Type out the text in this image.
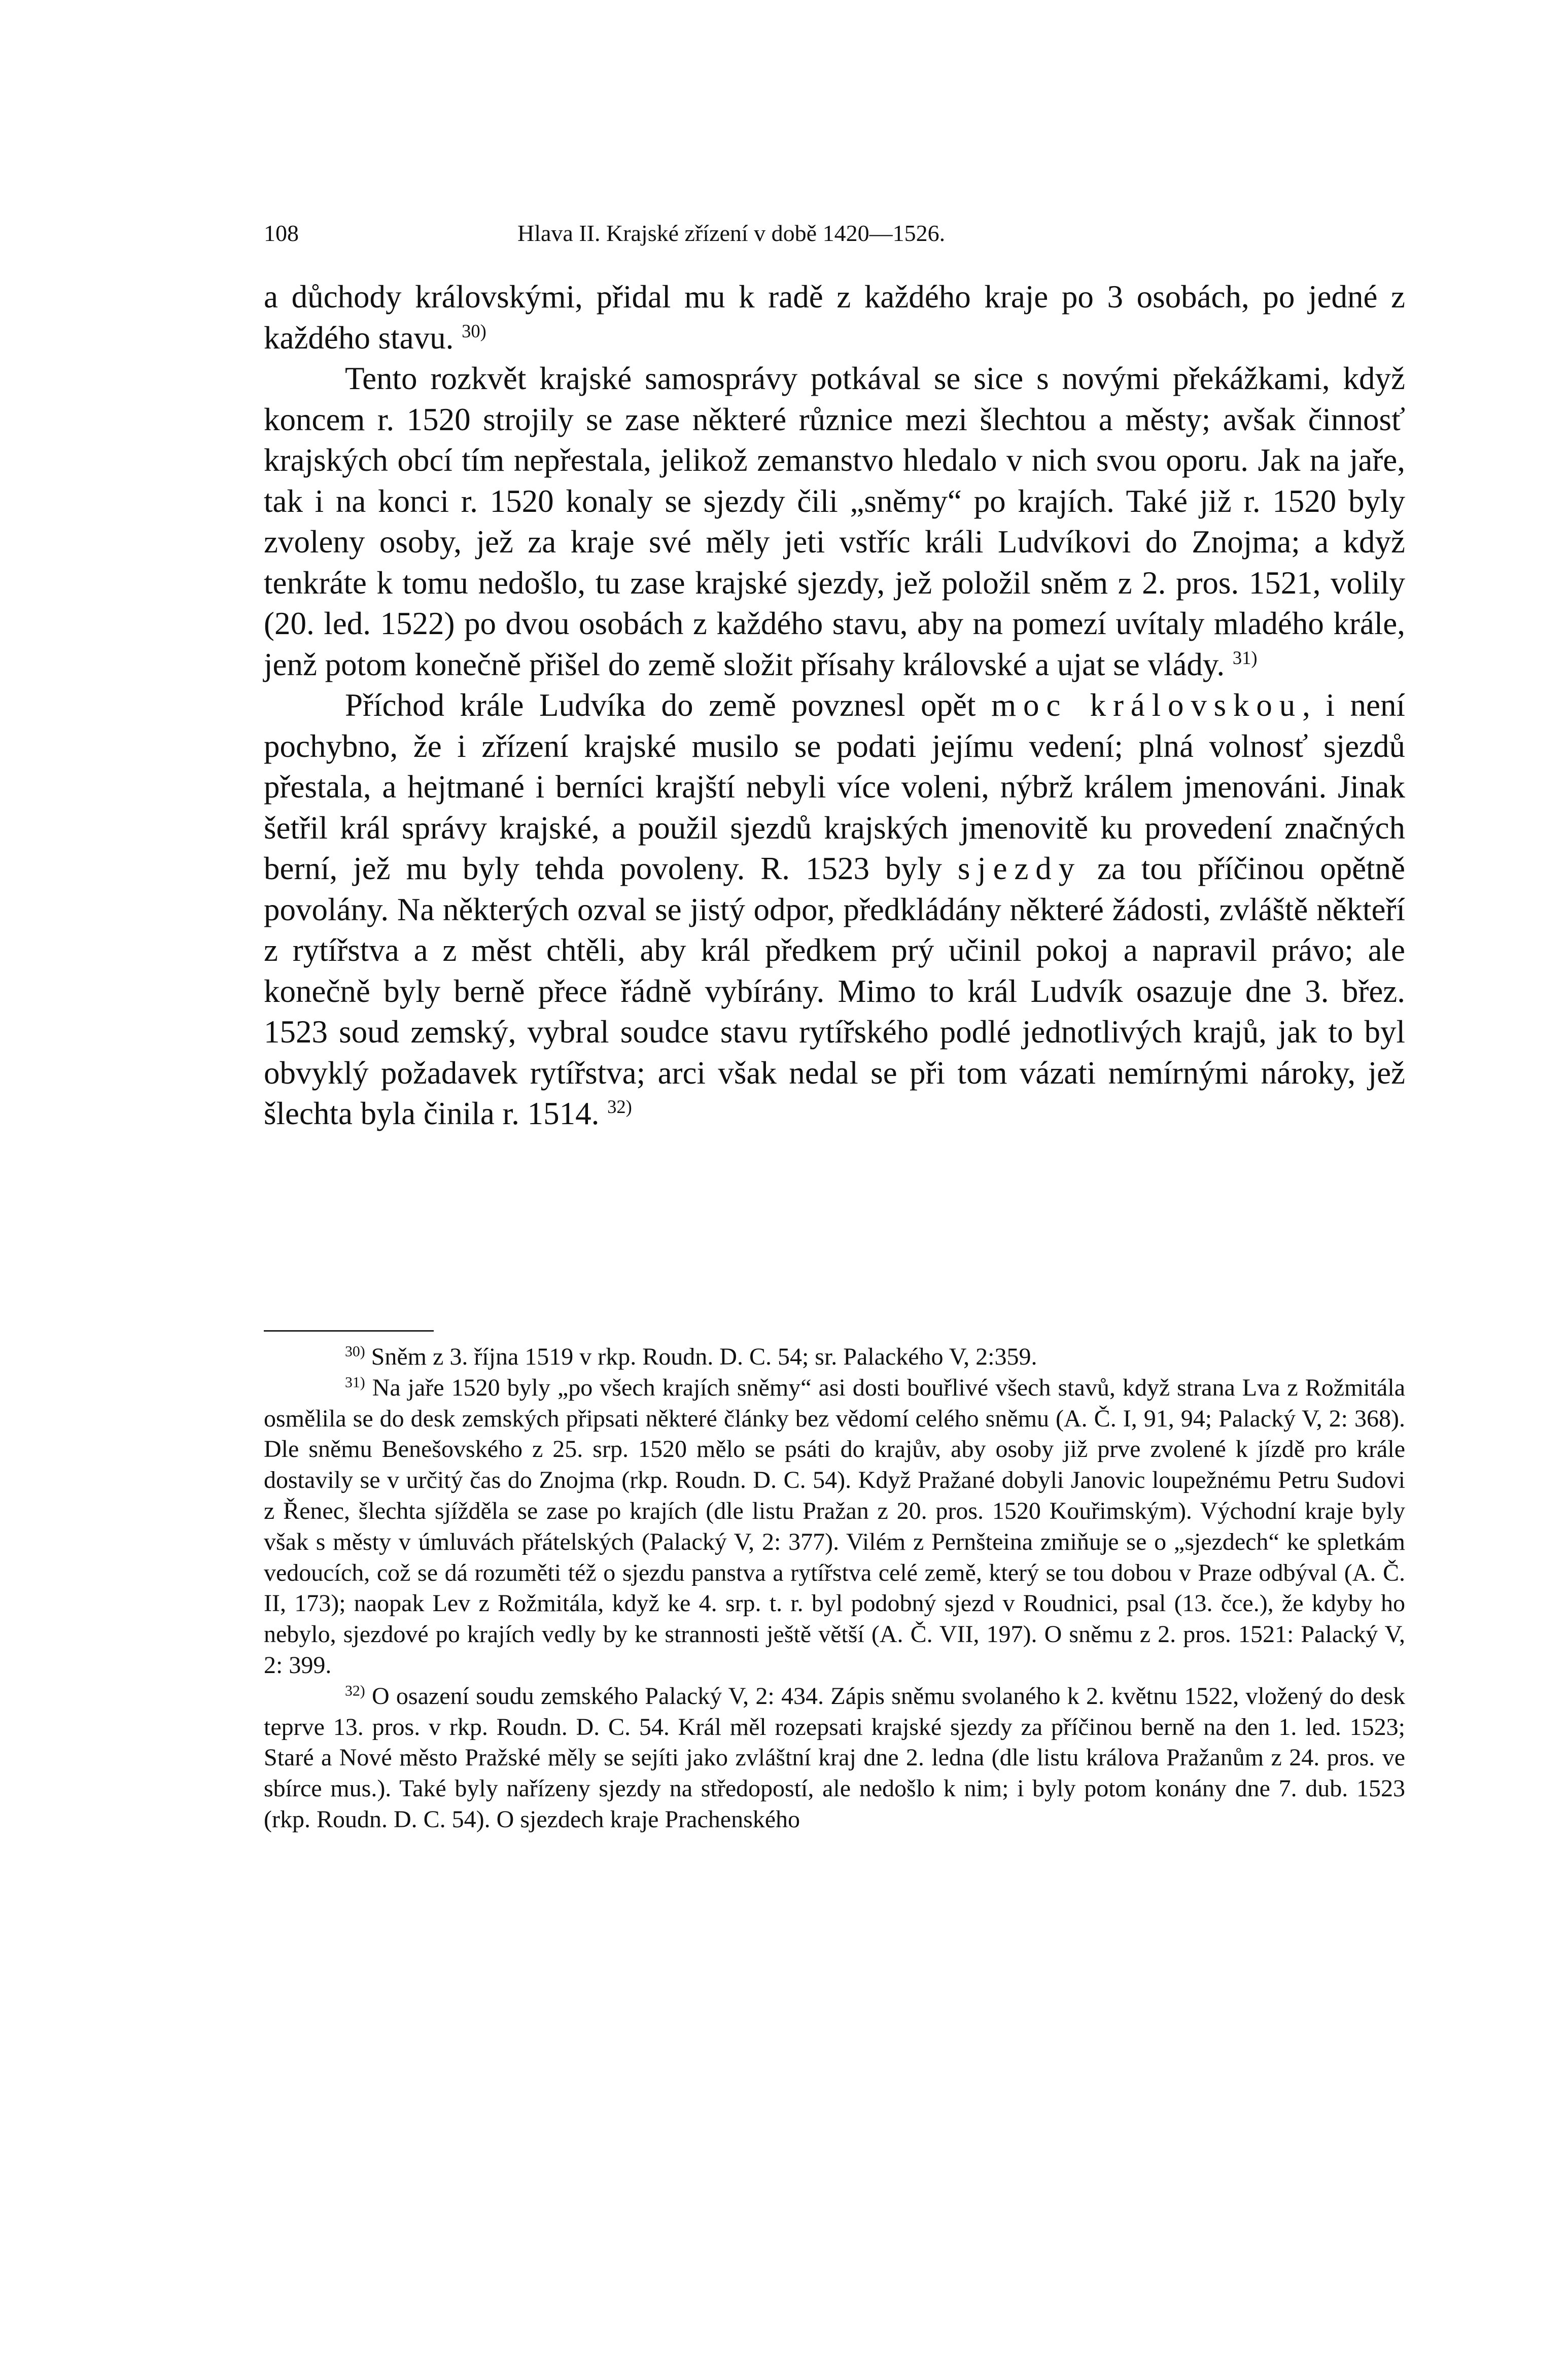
108	Hlava II. Krajské zřízení v době 1420—1526.

a důchody královskými, přidal mu k radě z každého kraje po 3 osobách, po jedné z každého stavu. $^{30)}$

Tento rozkvět krajské samosprávy potkával se sice s novými překážkami, když koncem r. 1520 strojily se zase některé různice mezi šlechtou a městy; avšak činnosť krajských obcí tím nepřestala, jelikož zemanstvo hledalo v nich svou oporu. Jak na jaře, tak i na konci r. 1520 konaly se sjezdy čili „sněmy“ po krajích. Také již r. 1520 byly zvoleny osoby, jež za kraje své měly jeti vstříc králi Ludvíkovi do Znojma; a když tenkráte k tomu nedošlo, tu zase krajské sjezdy, jež položil sněm z 2. pros. 1521, volily (20. led. 1522) po dvou osobách z každého stavu, aby na pomezí uvítaly mladého krále, jenž potom konečně přišel do země složit přísahy královské a ujat se vlády. $^{31)}$

Příchod krále Ludvíka do země povznesl opět moc královskou, i není pochybno, že i zřízení krajské musilo se podati jejímu vedení; plná volnosť sjezdů přestala, a hejtmané i berníci krajští nebyli více voleni, nýbrž králem jmenováni. Jinak šetřil král správy krajské, a použil sjezdů krajských jmenovitě ku provedení značných berní, jež mu byly tehda povoleny. R. 1523 byly sjezdy za tou příčinou opětně povolány. Na některých ozval se jistý odpor, předkládány některé žádosti, zvláště někteří z rytířstva a z měst chtěli, aby král předkem prý učinil pokoj a napravil právo; ale konečně byly berně přece řádně vybírány. Mimo to král Ludvík osazuje dne 3. břez. 1523 soud zemský, vybral soudce stavu rytířského podlé jednotlivých krajů, jak to byl obvyklý požadavek rytířstva; arci však nedal se při tom vázati nemírnými nároky, jež šlechta byla činila r. 1514. $^{32)}$

$^{30)}$ Sněm z 3. října 1519 v rkp. Roudn. D. C. 54; sr. Palackého V, 2:359.

$^{31)}$ Na jaře 1520 byly „po všech krajích sněmy“ asi dosti bouřlivé všech stavů, když strana Lva z Rožmitála osmělila se do desk zemských připsati některé články bez vědomí celého sněmu (A. Č. I, 91, 94; Palacký V, 2: 368). Dle sněmu Benešovského z 25. srp. 1520 mělo se psáti do krajův, aby osoby již prve zvolené k jízdě pro krále dostavily se v určitý čas do Znojma (rkp. Roudn. D. C. 54). Když Pražané dobyli Janovic loupežnému Petru Sudovi z Řenec, šlechta sjížděla se zase po krajích (dle listu Pražan z 20. pros. 1520 Kouřimským). Východní kraje byly však s městy v úmluvách přátelských (Palacký V, 2: 377). Vilém z Pernšteina zmiňuje se o „sjezdech“ ke spletkám vedoucích, což se dá rozuměti též o sjezdu panstva a rytířstva celé země, který se tou dobou v Praze odbýval (A. Č. II, 173); naopak Lev z Rožmitála, když ke 4. srp. t. r. byl podobný sjezd v Roudnici, psal (13. čce.), že kdyby ho nebylo, sjezdové po krajích vedly by ke strannosti ještě větší (A. Č. VII, 197). O sněmu z 2. pros. 1521: Palacký V, 2: 399.

$^{32)}$ O osazení soudu zemského Palacký V, 2: 434. Zápis sněmu svolaného k 2. květnu 1522, vložený do desk teprve 13. pros. v rkp. Roudn. D. C. 54. Král měl rozepsati krajské sjezdy za příčinou berně na den 1. led. 1523; Staré a Nové město Pražské měly se sejíti jako zvláštní kraj dne 2. ledna (dle listu králova Pražanům z 24. pros. ve sbírce mus.). Také byly nařízeny sjezdy na středopostí, ale nedošlo k nim; i byly potom konány dne 7. dub. 1523 (rkp. Roudn. D. C. 54). O sjezdech kraje Prachenského
